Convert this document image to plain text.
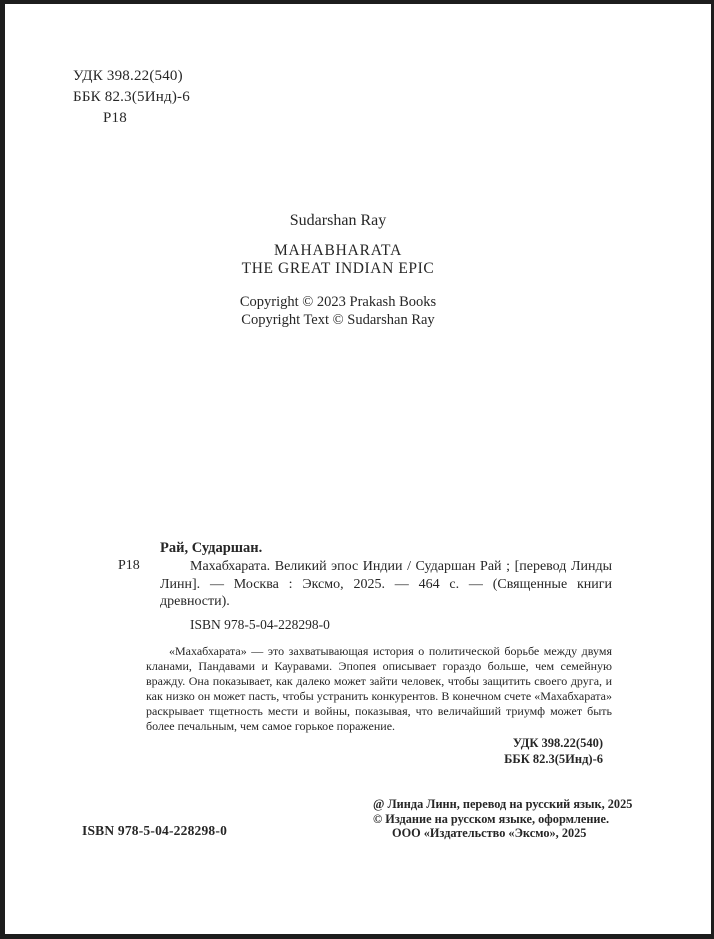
УДК 398.22(540)
ББК 82.3(5Инд)-6
Р18
Sudarshan Ray
MAHABHARATA
THE GREAT INDIAN EPIC
Copyright © 2023 Prakash Books
Copyright Text © Sudarshan Ray
Рай, Сударшан.
Р18	Махабхарата. Великий эпос Индии / Сударшан Рай ; [перевод Линды Линн]. — Москва : Эксмо, 2025. — 464 с. — (Священные книги древности).

ISBN 978-5-04-228298-0

«Махабхарата» — это захватывающая история о политической борьбе между двумя кланами, Пандавами и Кауравами. Эпопея описывает гораздо больше, чем семейную вражду. Она показывает, как далеко может зайти человек, чтобы защитить своего друга, и как низко он может пасть, чтобы устранить конкурентов. В конечном счете «Махабхарата» раскрывает тщетность мести и войны, показывая, что величайший триумф может быть более печальным, чем самое горькое поражение.

УДК 398.22(540)
ББК 82.3(5Инд)-6
@ Линда Линн, перевод на русский язык, 2025
© Издание на русском языке, оформление.
ООО «Издательство «Эксмо», 2025
ISBN 978-5-04-228298-0
